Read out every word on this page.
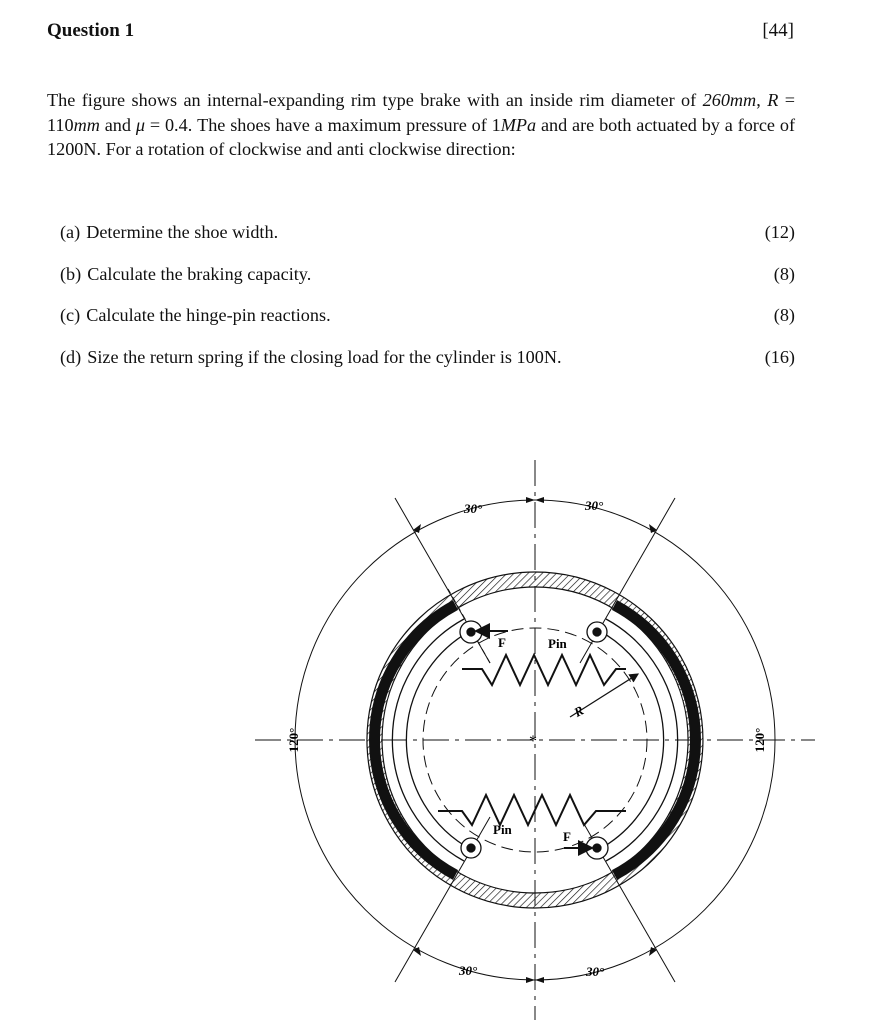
Question 1	[44]
The figure shows an internal-expanding rim type brake with an inside rim diameter of 260mm, R = 110mm and μ = 0.4. The shoes have a maximum pressure of 1MPa and are both actuated by a force of 1200N. For a rotation of clockwise and anti clockwise direction:
(a) Determine the shoe width.	(12)
(b) Calculate the braking capacity.	(8)
(c) Calculate the hinge-pin reactions.	(8)
(d) Size the return spring if the closing load for the cylinder is 100N.	(16)
*
30°	30°
30°	30°
120°	120°
F
F
Pin
Pin
R
